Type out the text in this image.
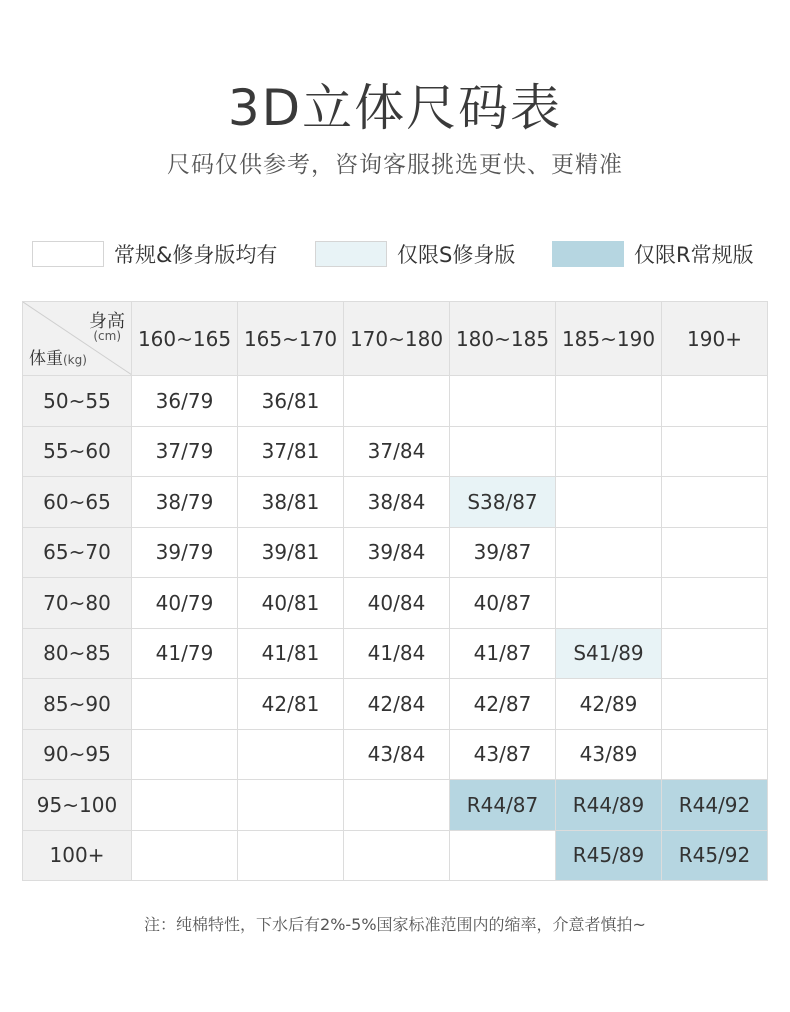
3D立体尺码表
尺码仅供参考，咨询客服挑选更快、更精准
常规&修身版均有	仅限S修身版	仅限R常规版
身高
(cm)
体重(kg)	160~165	165~170	170~180	180~185	185~190	190+
50~55	36/79	36/81				
55~60	37/79	37/81	37/84			
60~65	38/79	38/81	38/84	S38/87		
65~70	39/79	39/81	39/84	39/87		
70~80	40/79	40/81	40/84	40/87		
80~85	41/79	41/81	41/84	41/87	S41/89	
85~90		42/81	42/84	42/87	42/89	
90~95			43/84	43/87	43/89	
95~100				R44/87	R44/89	R44/92
100+					R45/89	R45/92
注：纯棉特性，下水后有2%-5%国家标准范围内的缩率，介意者慎拍~
